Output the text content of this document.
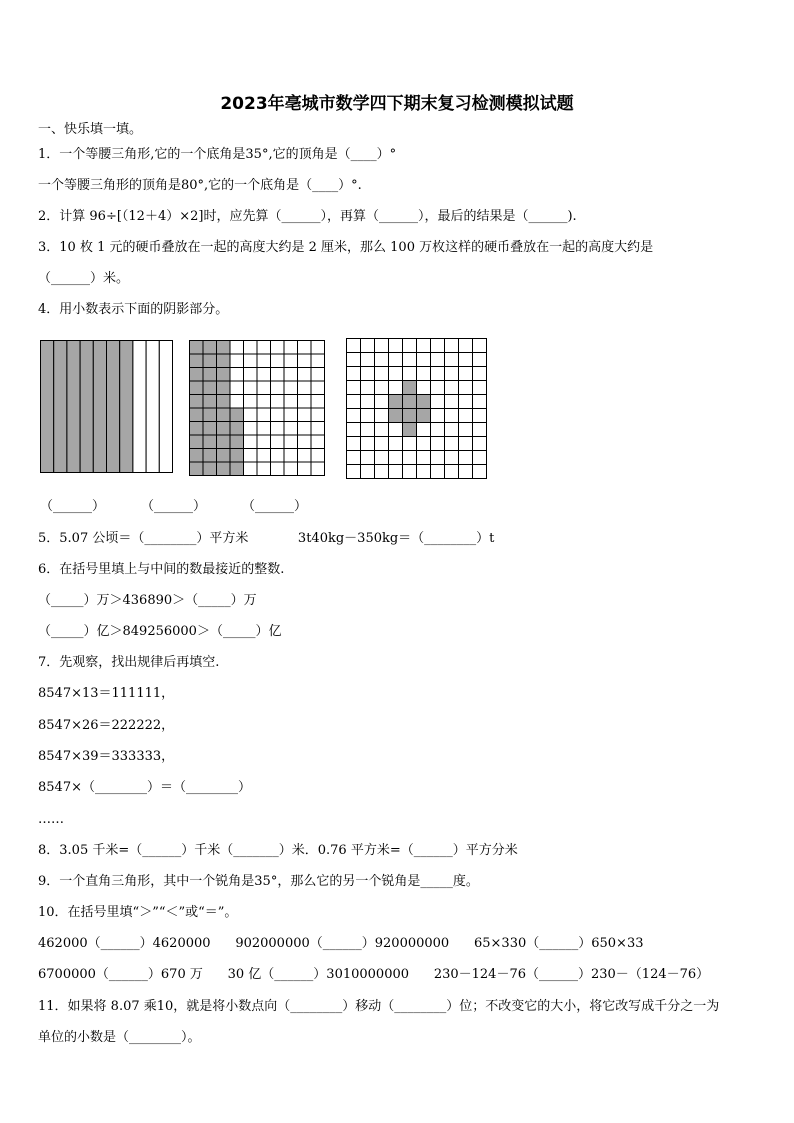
2023年亳城市数学四下期末复习检测模拟试题
一、快乐填一填。
1．一个等腰三角形,它的一个底角是35°,它的顶角是（____）°
一个等腰三角形的顶角是80°,它的一个底角是（____）°.
2．计算 96÷[（12＋4）×2]时，应先算（______），再算（______），最后的结果是（______).
3．10 枚 1 元的硬币叠放在一起的高度大约是 2 厘米，那么 100 万枚这样的硬币叠放在一起的高度大约是
（______）米。
4．用小数表示下面的阴影部分。
（______）	（______）	（______）
5．5.07 公顷＝（________）平方米            3t40kg－350kg＝（________）t
6．在括号里填上与中间的数最接近的整数.
（_____）万＞436890＞（_____）万
（_____）亿＞849256000＞（_____）亿
7．先观察，找出规律后再填空.
8547×13＝111111，
8547×26＝222222，
8547×39＝333333，
8547×（________）＝（________）
……
8．3.05 千米=（______）千米（_______）米．0.76 平方米=（______）平方分米
9．一个直角三角形，其中一个锐角是35°，那么它的另一个锐角是_____度。
10．在括号里填“＞”“＜”或“＝”。
462000（______）4620000      902000000（______）920000000      65×330（______）650×33
6700000（______）670 万      30 亿（______）3010000000      230－124－76（______）230－（124－76）
11．如果将 8.07 乘10，就是将小数点向（________）移动（________）位；不改变它的大小，将它改写成千分之一为
单位的小数是（________）。
